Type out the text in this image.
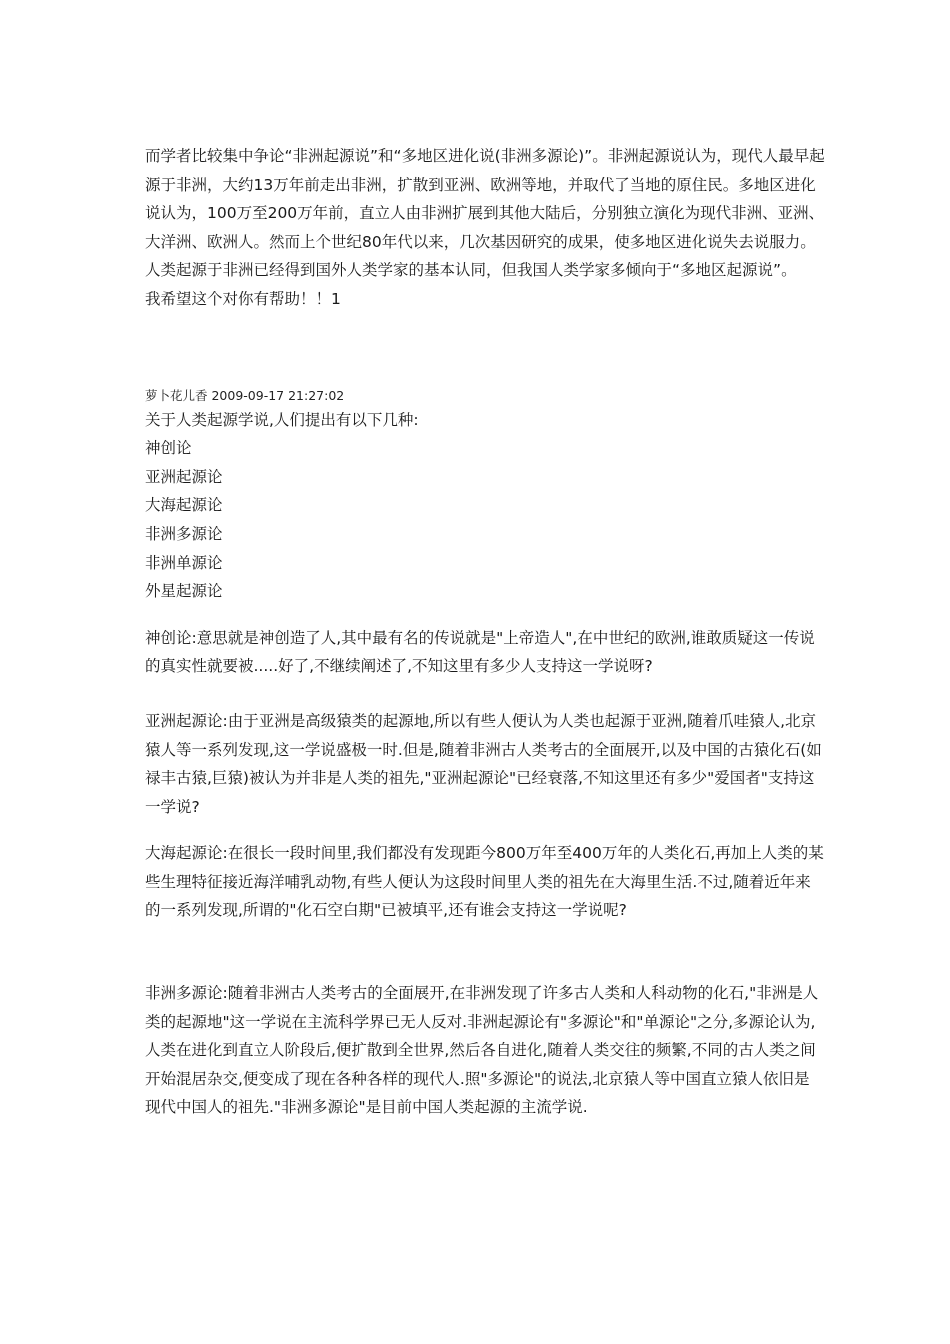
而学者比较集中争论“非洲起源说”和“多地区进化说(非洲多源论)”。非洲起源说认为，现代人最早起源于非洲，大约13万年前走出非洲，扩散到亚洲、欧洲等地，并取代了当地的原住民。多地区进化说认为，100万至200万年前，直立人由非洲扩展到其他大陆后，分别独立演化为现代非洲、亚洲、大洋洲、欧洲人。然而上个世纪80年代以来，几次基因研究的成果，使多地区进化说失去说服力。人类起源于非洲已经得到国外人类学家的基本认同，但我国人类学家多倾向于“多地区起源说”。

我希望这个对你有帮助！！1

萝卜花儿香 2009-09-17 21:27:02

关于人类起源学说,人们提出有以下几种:

神创论

亚洲起源论

大海起源论

非洲多源论

非洲单源论

外星起源论

神创论:意思就是神创造了人,其中最有名的传说就是"上帝造人",在中世纪的欧洲,谁敢质疑这一传说的真实性就要被.....好了,不继续阐述了,不知这里有多少人支持这一学说呀?

亚洲起源论:由于亚洲是高级猿类的起源地,所以有些人便认为人类也起源于亚洲,随着爪哇猿人,北京猿人等一系列发现,这一学说盛极一时.但是,随着非洲古人类考古的全面展开,以及中国的古猿化石(如禄丰古猿,巨猿)被认为并非是人类的祖先,"亚洲起源论"已经衰落,不知这里还有多少"爱国者"支持这一学说?

大海起源论:在很长一段时间里,我们都没有发现距今800万年至400万年的人类化石,再加上人类的某些生理特征接近海洋哺乳动物,有些人便认为这段时间里人类的祖先在大海里生活.不过,随着近年来的一系列发现,所谓的"化石空白期"已被填平,还有谁会支持这一学说呢?

非洲多源论:随着非洲古人类考古的全面展开,在非洲发现了许多古人类和人科动物的化石,"非洲是人类的起源地"这一学说在主流科学界已无人反对.非洲起源论有"多源论"和"单源论"之分,多源论认为,人类在进化到直立人阶段后,便扩散到全世界,然后各自进化,随着人类交往的频繁,不同的古人类之间开始混居杂交,便变成了现在各种各样的现代人.照"多源论"的说法,北京猿人等中国直立猿人依旧是现代中国人的祖先."非洲多源论"是目前中国人类起源的主流学说.
